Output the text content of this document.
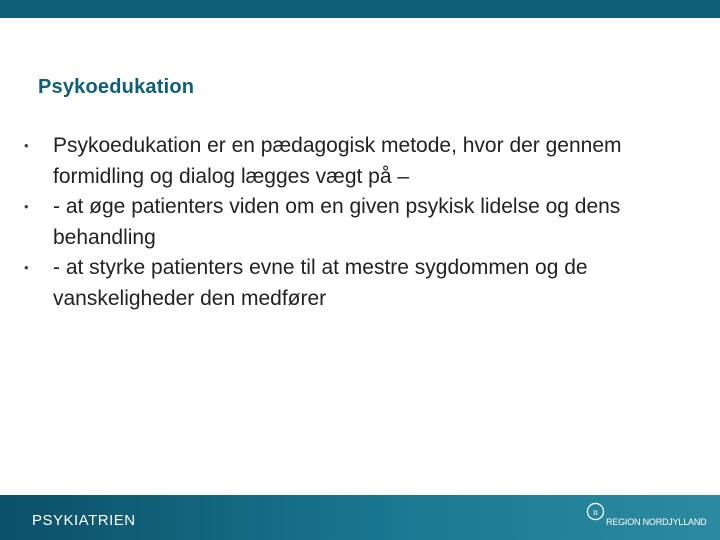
Psykoedukation
• Psykoedukation er en pædagogisk metode, hvor der gennem formidling og dialog lægges vægt på –
• - at øge patienters viden om en given psykisk lidelse og dens behandling
• - at styrke patienters evne til at mestre sygdommen og de vanskeligheder den medfører
PSYKIATRIEN	n
REGION NORDJYLLAND
